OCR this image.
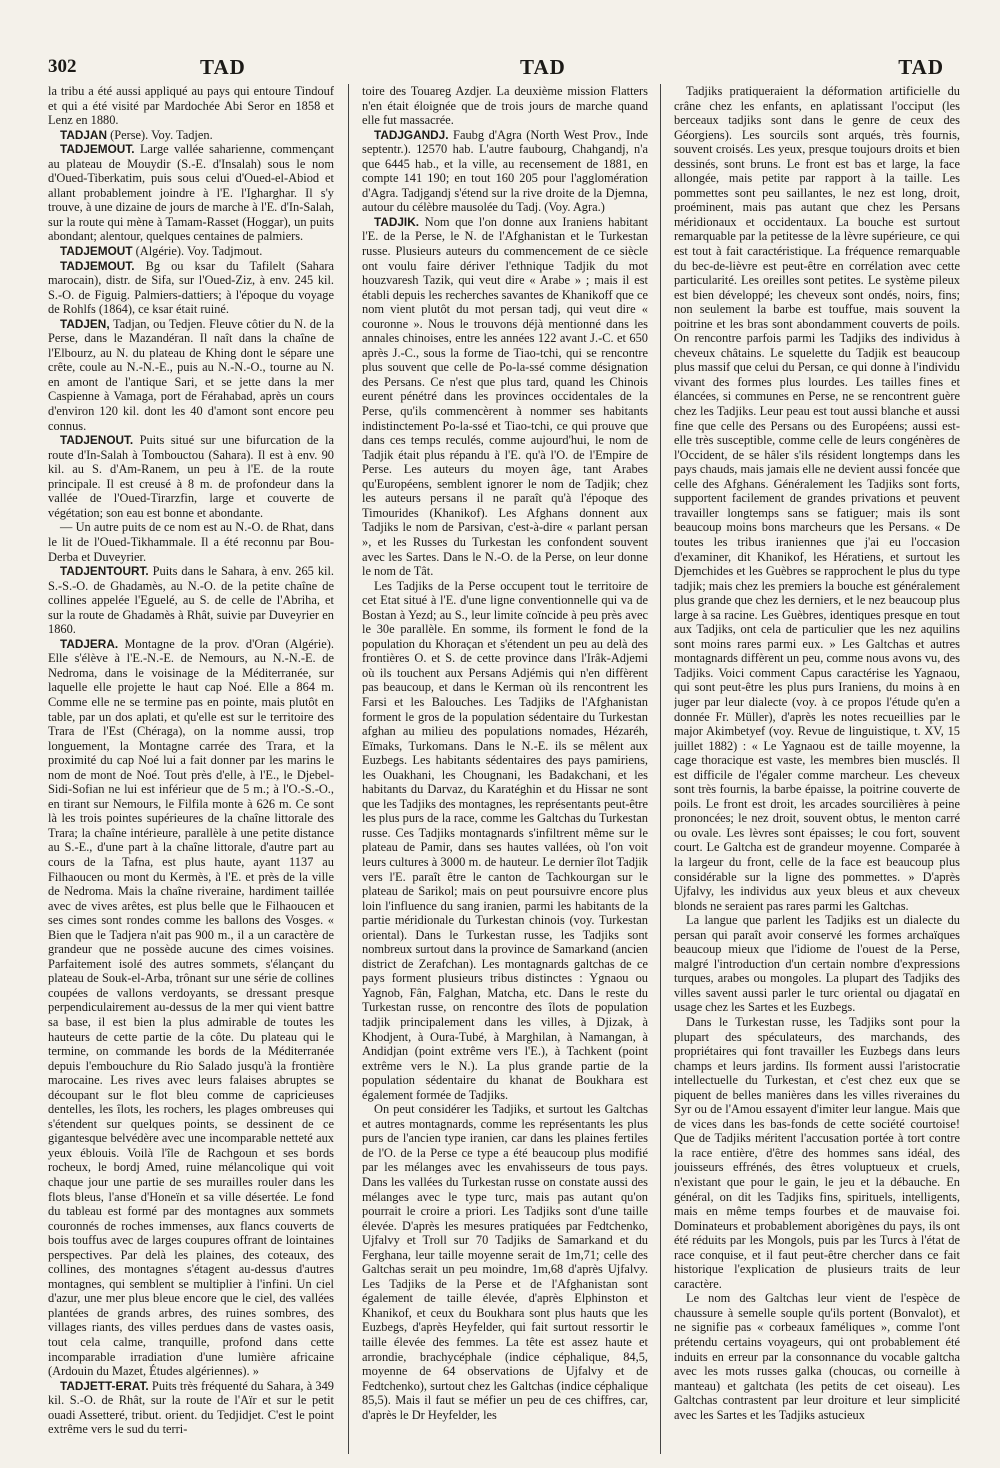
302	TAD	TAD	TAD

la tribu a été aussi appliqué au pays qui entoure Tindouf et qui a été visité par Mardochée Abi Seror en 1858 et Lenz en 1880.

TADJAN (Perse). Voy. Tadjen.

TADJEMOUT. Large vallée saharienne, commençant au plateau de Mouydir (S.-E. d'Insalah) sous le nom d'Oued-Tiberkatim, puis sous celui d'Oued-el-Abiod et allant probablement joindre à l'E. l'Igharghar. Il s'y trouve, à une dizaine de jours de marche à l'E. d'In-Salah, sur la route qui mène à Tamam-Rasset (Hoggar), un puits abondant; alentour, quelques centaines de palmiers.

TADJEMOUT (Algérie). Voy. Tadjmout.

TADJEMOUT. Bg ou ksar du Tafilelt (Sahara marocain), distr. de Sifa, sur l'Oued-Ziz, à env. 245 kil. S.-O. de Figuig. Palmiers-dattiers; à l'époque du voyage de Rohlfs (1864), ce ksar était ruiné.

TADJEN, Tadjan, ou Tedjen. Fleuve côtier du N. de la Perse, dans le Mazandéran. Il naît dans la chaîne de l'Elbourz, au N. du plateau de Khing dont le sépare une crête, coule au N.-N.-E., puis au N.-N.-O., tourne au N. en amont de l'antique Sari, et se jette dans la mer Caspienne à Vamaga, port de Férahabad, après un cours d'environ 120 kil. dont les 40 d'amont sont encore peu connus.

TADJENOUT. Puits situé sur une bifurcation de la route d'In-Salah à Tombouctou (Sahara). Il est à env. 90 kil. au S. d'Am-Ranem, un peu à l'E. de la route principale. Il est creusé à 8 m. de profondeur dans la vallée de l'Oued-Tirarzfin, large et couverte de végétation; son eau est bonne et abondante.

— Un autre puits de ce nom est au N.-O. de Rhat, dans le lit de l'Oued-Tikhammale. Il a été reconnu par Bou-Derba et Duveyrier.

TADJENTOURT. Puits dans le Sahara, à env. 265 kil. S.-S.-O. de Ghadamès, au N.-O. de la petite chaîne de collines appelée l'Eguelé, au S. de celle de l'Abriha, et sur la route de Ghadamès à Rhât, suivie par Duveyrier en 1860.

TADJERA. Montagne de la prov. d'Oran (Algérie). Elle s'élève à l'E.-N.-E. de Nemours, au N.-N.-E. de Nedroma, dans le voisinage de la Méditerranée, sur laquelle elle projette le haut cap Noé. Elle a 864 m. Comme elle ne se termine pas en pointe, mais plutôt en table, par un dos aplati, et qu'elle est sur le territoire des Trara de l'Est (Chéraga), on la nomme aussi, trop longuement, la Montagne carrée des Trara, et la proximité du cap Noé lui a fait donner par les marins le nom de mont de Noé. Tout près d'elle, à l'E., le Djebel-Sidi-Sofian ne lui est inférieur que de 5 m.; à l'O.-S.-O., en tirant sur Nemours, le Filfila monte à 626 m. Ce sont là les trois pointes supérieures de la chaîne littorale des Trara; la chaîne intérieure, parallèle à une petite distance au S.-E., d'une part à la chaîne littorale, d'autre part au cours de la Tafna, est plus haute, ayant 1137 au Filhaoucen ou mont du Kermès, à l'E. et près de la ville de Nedroma. Mais la chaîne riveraine, hardiment taillée avec de vives arêtes, est plus belle que le Filhaoucen et ses cimes sont rondes comme les ballons des Vosges. « Bien que le Tadjera n'ait pas 900 m., il a un caractère de grandeur que ne possède aucune des cimes voisines. Parfaitement isolé des autres sommets, s'élançant du plateau de Souk-el-Arba, trônant sur une série de collines coupées de vallons verdoyants, se dressant presque perpendiculairement au-dessus de la mer qui vient battre sa base, il est bien la plus admirable de toutes les hauteurs de cette partie de la côte. Du plateau qui le termine, on commande les bords de la Méditerranée depuis l'embouchure du Rio Salado jusqu'à la frontière marocaine. Les rives avec leurs falaises abruptes se découpant sur le flot bleu comme de capricieuses dentelles, les îlots, les rochers, les plages ombreuses qui s'étendent sur quelques points, se dessinent de ce gigantesque belvédère avec une incomparable netteté aux yeux éblouis. Voilà l'île de Rachgoun et ses bords rocheux, le bordj Amed, ruine mélancolique qui voit chaque jour une partie de ses murailles rouler dans les flots bleus, l'anse d'Honeïn et sa ville désertée. Le fond du tableau est formé par des montagnes aux sommets couronnés de roches immenses, aux flancs couverts de bois touffus avec de larges coupures offrant de lointaines perspectives. Par delà les plaines, des coteaux, des collines, des montagnes s'étagent au-dessus d'autres montagnes, qui semblent se multiplier à l'infini. Un ciel d'azur, une mer plus bleue encore que le ciel, des vallées plantées de grands arbres, des ruines sombres, des villages riants, des villes perdues dans de vastes oasis, tout cela calme, tranquille, profond dans cette incomparable irradiation d'une lumière africaine (Ardouin du Mazet, Études algériennes). »

TADJETT-ERAT. Puits très fréquenté du Sahara, à 349 kil. S.-O. de Rhât, sur la route de l'Aïr et sur le petit ouadi Assetteré, tribut. orient. du Tedjidjet. C'est le point extrême vers le sud du terri-

toire des Touareg Azdjer. La deuxième mission Flatters n'en était éloignée que de trois jours de marche quand elle fut massacrée.

TADJGANDJ. Faubg d'Agra (North West Prov., Inde septentr.). 12570 hab. L'autre faubourg, Chahgandj, n'a que 6445 hab., et la ville, au recensement de 1881, en compte 141 190; en tout 160 205 pour l'agglomération d'Agra. Tadjgandj s'étend sur la rive droite de la Djemna, autour du célèbre mausolée du Tadj. (Voy. Agra.)

TADJIK. Nom que l'on donne aux Iraniens habitant l'E. de la Perse, le N. de l'Afghanistan et le Turkestan russe. Plusieurs auteurs du commencement de ce siècle ont voulu faire dériver l'ethnique Tadjik du mot houzvaresh Tazik, qui veut dire « Arabe » ; mais il est établi depuis les recherches savantes de Khanikoff que ce nom vient plutôt du mot persan tadj, qui veut dire « couronne ». Nous le trouvons déjà mentionné dans les annales chinoises, entre les années 122 avant J.-C. et 650 après J.-C., sous la forme de Tiao-tchi, qui se rencontre plus souvent que celle de Po-la-ssé comme désignation des Persans. Ce n'est que plus tard, quand les Chinois eurent pénétré dans les provinces occidentales de la Perse, qu'ils commencèrent à nommer ses habitants indistinctement Po-la-ssé et Tiao-tchi, ce qui prouve que dans ces temps reculés, comme aujourd'hui, le nom de Tadjik était plus répandu à l'E. qu'à l'O. de l'Empire de Perse. Les auteurs du moyen âge, tant Arabes qu'Européens, semblent ignorer le nom de Tadjik; chez les auteurs persans il ne paraît qu'à l'époque des Timourides (Khanikof). Les Afghans donnent aux Tadjiks le nom de Parsivan, c'est-à-dire « parlant persan », et les Russes du Turkestan les confondent souvent avec les Sartes. Dans le N.-O. de la Perse, on leur donne le nom de Tât.

Les Tadjiks de la Perse occupent tout le territoire de cet Etat situé à l'E. d'une ligne conventionnelle qui va de Bostan à Yezd; au S., leur limite coïncide à peu près avec le 30e parallèle. En somme, ils forment le fond de la population du Khoraçan et s'étendent un peu au delà des frontières O. et S. de cette province dans l'Irâk-Adjemi où ils touchent aux Persans Adjémis qui n'en diffèrent pas beaucoup, et dans le Kerman où ils rencontrent les Farsi et les Balouches. Les Tadjiks de l'Afghanistan forment le gros de la population sédentaire du Turkestan afghan au milieu des populations nomades, Hézaréh, Eïmaks, Turkomans. Dans le N.-E. ils se mêlent aux Euzbegs. Les habitants sédentaires des pays pamiriens, les Ouakhani, les Chougnani, les Badakchani, et les habitants du Darvaz, du Karatéghin et du Hissar ne sont que les Tadjiks des montagnes, les représentants peut-être les plus purs de la race, comme les Galtchas du Turkestan russe. Ces Tadjiks montagnards s'infiltrent même sur le plateau de Pamir, dans ses hautes vallées, où l'on voit leurs cultures à 3000 m. de hauteur. Le dernier îlot Tadjik vers l'E. paraît être le canton de Tachkourgan sur le plateau de Sarikol; mais on peut poursuivre encore plus loin l'influence du sang iranien, parmi les habitants de la partie méridionale du Turkestan chinois (voy. Turkestan oriental). Dans le Turkestan russe, les Tadjiks sont nombreux surtout dans la province de Samarkand (ancien district de Zerafchan). Les montagnards galtchas de ce pays forment plusieurs tribus distinctes : Ygnaou ou Yagnob, Fân, Falghan, Matcha, etc. Dans le reste du Turkestan russe, on rencontre des îlots de population tadjik principalement dans les villes, à Djizak, à Khodjent, à Oura-Tubé, à Marghilan, à Namangan, à Andidjan (point extrême vers l'E.), à Tachkent (point extrême vers le N.). La plus grande partie de la population sédentaire du khanat de Boukhara est également formée de Tadjiks.

On peut considérer les Tadjiks, et surtout les Galtchas et autres montagnards, comme les représentants les plus purs de l'ancien type iranien, car dans les plaines fertiles de l'O. de la Perse ce type a été beaucoup plus modifié par les mélanges avec les envahisseurs de tous pays. Dans les vallées du Turkestan russe on constate aussi des mélanges avec le type turc, mais pas autant qu'on pourrait le croire a priori. Les Tadjiks sont d'une taille élevée. D'après les mesures pratiquées par Fedtchenko, Ujfalvy et Troll sur 70 Tadjiks de Samarkand et du Ferghana, leur taille moyenne serait de 1m,71; celle des Galtchas serait un peu moindre, 1m,68 d'après Ujfalvy. Les Tadjiks de la Perse et de l'Afghanistan sont également de taille élevée, d'après Elphinston et Khanikof, et ceux du Boukhara sont plus hauts que les Euzbegs, d'après Heyfelder, qui fait surtout ressortir le taille élevée des femmes. La tête est assez haute et arrondie, brachycéphale (indice céphalique, 84,5, moyenne de 64 observations de Ujfalvy et de Fedtchenko), surtout chez les Galtchas (indice céphalique 85,5). Mais il faut se méfier un peu de ces chiffres, car, d'après le Dr Heyfelder, les

Tadjiks pratiqueraient la déformation artificielle du crâne chez les enfants, en aplatissant l'occiput (les berceaux tadjiks sont dans le genre de ceux des Géorgiens). Les sourcils sont arqués, très fournis, souvent croisés. Les yeux, presque toujours droits et bien dessinés, sont bruns. Le front est bas et large, la face allongée, mais petite par rapport à la taille. Les pommettes sont peu saillantes, le nez est long, droit, proéminent, mais pas autant que chez les Persans méridionaux et occidentaux. La bouche est surtout remarquable par la petitesse de la lèvre supérieure, ce qui est tout à fait caractéristique. La fréquence remarquable du bec-de-lièvre est peut-être en corrélation avec cette particularité. Les oreilles sont petites. Le système pileux est bien développé; les cheveux sont ondés, noirs, fins; non seulement la barbe est touffue, mais souvent la poitrine et les bras sont abondamment couverts de poils. On rencontre parfois parmi les Tadjiks des individus à cheveux châtains. Le squelette du Tadjik est beaucoup plus massif que celui du Persan, ce qui donne à l'individu vivant des formes plus lourdes. Les tailles fines et élancées, si communes en Perse, ne se rencontrent guère chez les Tadjiks. Leur peau est tout aussi blanche et aussi fine que celle des Persans ou des Européens; aussi est-elle très susceptible, comme celle de leurs congénères de l'Occident, de se hâler s'ils résident longtemps dans les pays chauds, mais jamais elle ne devient aussi foncée que celle des Afghans. Généralement les Tadjiks sont forts, supportent facilement de grandes privations et peuvent travailler longtemps sans se fatiguer; mais ils sont beaucoup moins bons marcheurs que les Persans. « De toutes les tribus iraniennes que j'ai eu l'occasion d'examiner, dit Khanikof, les Hératiens, et surtout les Djemchides et les Guèbres se rapprochent le plus du type tadjik; mais chez les premiers la bouche est généralement plus grande que chez les derniers, et le nez beaucoup plus large à sa racine. Les Guèbres, identiques presque en tout aux Tadjiks, ont cela de particulier que les nez aquilins sont moins rares parmi eux. » Les Galtchas et autres montagnards diffèrent un peu, comme nous avons vu, des Tadjiks. Voici comment Capus caractérise les Yagnaou, qui sont peut-être les plus purs Iraniens, du moins à en juger par leur dialecte (voy. à ce propos l'étude qu'en a donnée Fr. Müller), d'après les notes recueillies par le major Akimbetyef (voy. Revue de linguistique, t. XV, 15 juillet 1882) : « Le Yagnaou est de taille moyenne, la cage thoracique est vaste, les membres bien musclés. Il est difficile de l'égaler comme marcheur. Les cheveux sont très fournis, la barbe épaisse, la poitrine couverte de poils. Le front est droit, les arcades sourcilières à peine prononcées; le nez droit, souvent obtus, le menton carré ou ovale. Les lèvres sont épaisses; le cou fort, souvent court. Le Galtcha est de grandeur moyenne. Comparée à la largeur du front, celle de la face est beaucoup plus considérable sur la ligne des pommettes. » D'après Ujfalvy, les individus aux yeux bleus et aux cheveux blonds ne seraient pas rares parmi les Galtchas.

La langue que parlent les Tadjiks est un dialecte du persan qui paraît avoir conservé les formes archaïques beaucoup mieux que l'idiome de l'ouest de la Perse, malgré l'introduction d'un certain nombre d'expressions turques, arabes ou mongoles. La plupart des Tadjiks des villes savent aussi parler le turc oriental ou djagataï en usage chez les Sartes et les Euzbegs.

Dans le Turkestan russe, les Tadjiks sont pour la plupart des spéculateurs, des marchands, des propriétaires qui font travailler les Euzbegs dans leurs champs et leurs jardins. Ils forment aussi l'aristocratie intellectuelle du Turkestan, et c'est chez eux que se piquent de belles manières dans les villes riveraines du Syr ou de l'Amou essayent d'imiter leur langue. Mais que de vices dans les bas-fonds de cette société courtoise! Que de Tadjiks méritent l'accusation portée à tort contre la race entière, d'être des hommes sans idéal, des jouisseurs effrénés, des êtres voluptueux et cruels, n'existant que pour le gain, le jeu et la débauche. En général, on dit les Tadjiks fins, spirituels, intelligents, mais en même temps fourbes et de mauvaise foi. Dominateurs et probablement aborigènes du pays, ils ont été réduits par les Mongols, puis par les Turcs à l'état de race conquise, et il faut peut-être chercher dans ce fait historique l'explication de plusieurs traits de leur caractère.

Le nom des Galtchas leur vient de l'espèce de chaussure à semelle souple qu'ils portent (Bonvalot), et ne signifie pas « corbeaux faméliques », comme l'ont prétendu certains voyageurs, qui ont probablement été induits en erreur par la consonnance du vocable galtcha avec les mots russes galka (choucas, ou corneille à manteau) et galtchata (les petits de cet oiseau). Les Galtchas contrastent par leur droiture et leur simplicité avec les Sartes et les Tadjiks astucieux
